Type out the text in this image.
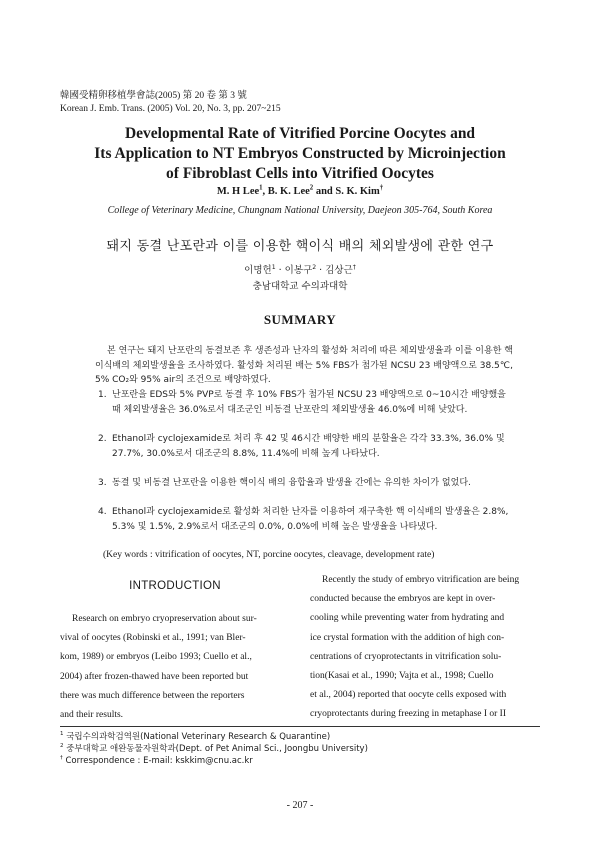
韓國受精卵移植學會誌(2005) 第 20 卷 第 3 號
Korean J. Emb. Trans. (2005) Vol. 20, No. 3, pp. 207~215
Developmental Rate of Vitrified Porcine Oocytes and
Its Application to NT Embryos Constructed by Microinjection
of Fibroblast Cells into Vitrified Oocytes
M. H Lee$^1$, B. K. Lee$^2$ and S. K. Kim†
College of Veterinary Medicine, Chungnam National University, Daejeon 305-764, South Korea
돼지 동결 난포란과 이를 이용한 핵이식 배의 체외발생에 관한 연구
이명헌$^1$ · 이봉구$^2$ · 김상근†
충남대학교 수의과대학
SUMMARY
본 연구는 돼지 난포란의 동결보존 후 생존성과 난자의 활성화 처리에 따른 체외발생율과 이를 이용한 핵 이식배의 체외발생율을 조사하였다. 활성화 처리된 배는 5% FBS가 첨가된 NCSU 23 배양액으로 38.5℃, 5% CO₂와 95% air의 조건으로 배양하였다.
1. 난포란을 EDS와 5% PVP로 동결 후 10% FBS가 첨가된 NCSU 23 배양액으로 0~10시간 배양했을 때 체외발생율은 36.0%로서 대조군인 비동결 난포란의 체외발생율 46.0%에 비해 낮았다.
2. Ethanol과 cyclojexamide로 처리 후 42 및 46시간 배양한 배의 분할율은 각각 33.3%, 36.0% 및 27.7%, 30.0%로서 대조군의 8.8%, 11.4%에 비해 높게 나타났다.
3. 동결 및 비동결 난포란을 이용한 핵이식 배의 융합율과 발생율 간에는 유의한 차이가 없었다.
4. Ethanol과 cyclojexamide로 활성화 처리한 난자를 이용하여 재구축한 핵 이식배의 발생율은 2.8%, 5.3% 및 1.5%, 2.9%로서 대조군의 0.0%, 0.0%에 비해 높은 발생율을 나타냈다.
(Key words : vitrification of oocytes, NT, porcine oocytes, cleavage, development rate)
INTRODUCTION
Research on embryo cryopreservation about sur-
vival of oocytes (Robinski et al., 1991; van Bler-
kom, 1989) or embryos (Leibo 1993; Cuello et al.,
2004) after frozen-thawed have been reported but
there was much difference between the reporters
and their results.
Recently the study of embryo vitrification are being
conducted because the embryos are kept in over-
cooling while preventing water from hydrating and
ice crystal formation with the addition of high con-
centrations of cryoprotectants in vitrification solu-
tion(Kasai et al., 1990; Vajta et al., 1998; Cuello
et al., 2004) reported that oocyte cells exposed with
cryoprotectants during freezing in metaphase I or II
$^1$ 국립수의과학검역원(National Veterinary Research & Quarantine)
$^2$ 중부대학교 애완동물자원학과(Dept. of Pet Animal Sci., Joongbu University)
† Correspondence : E-mail: kskkim@cnu.ac.kr
- 207 -
